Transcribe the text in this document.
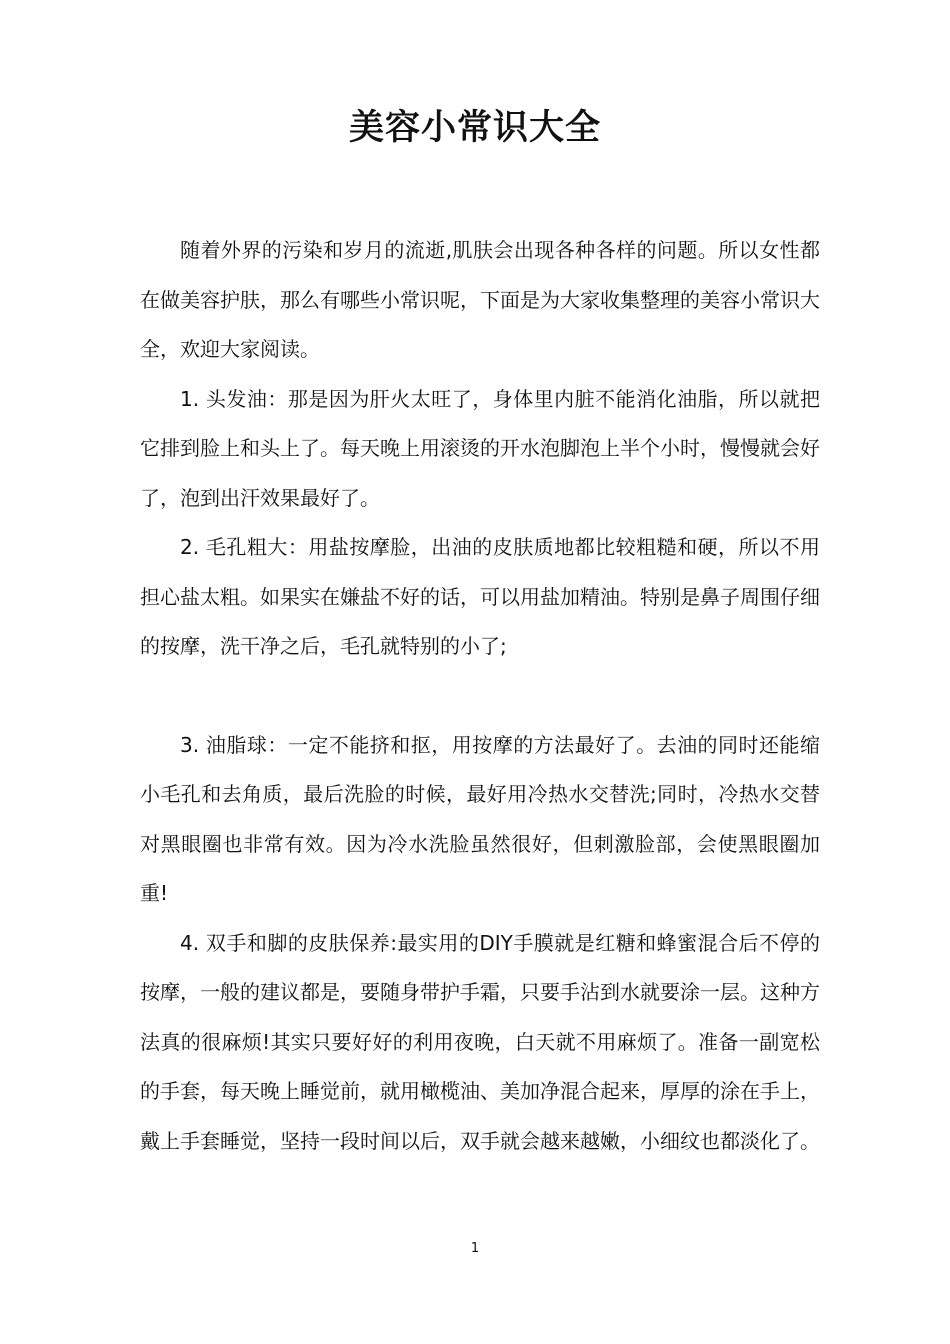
美容小常识大全

随着外界的污染和岁月的流逝,肌肤会出现各种各样的问题。所以女性都在做美容护肤，那么有哪些小常识呢，下面是为大家收集整理的美容小常识大全，欢迎大家阅读。

1. 头发油：那是因为肝火太旺了，身体里内脏不能消化油脂，所以就把它排到脸上和头上了。每天晚上用滚烫的开水泡脚泡上半个小时，慢慢就会好了，泡到出汗效果最好了。

2. 毛孔粗大：用盐按摩脸，出油的皮肤质地都比较粗糙和硬，所以不用担心盐太粗。如果实在嫌盐不好的话，可以用盐加精油。特别是鼻子周围仔细的按摩，洗干净之后，毛孔就特别的小了;

3. 油脂球：一定不能挤和抠，用按摩的方法最好了。去油的同时还能缩小毛孔和去角质，最后洗脸的时候，最好用冷热水交替洗;同时，冷热水交替对黑眼圈也非常有效。因为冷水洗脸虽然很好，但刺激脸部，会使黑眼圈加重!

4. 双手和脚的皮肤保养:最实用的DIY手膜就是红糖和蜂蜜混合后不停的按摩，一般的建议都是，要随身带护手霜，只要手沾到水就要涂一层。这种方法真的很麻烦!其实只要好好的利用夜晚，白天就不用麻烦了。准备一副宽松的手套，每天晚上睡觉前，就用橄榄油、美加净混合起来，厚厚的涂在手上，戴上手套睡觉，坚持一段时间以后，双手就会越来越嫩，小细纹也都淡化了。

1
